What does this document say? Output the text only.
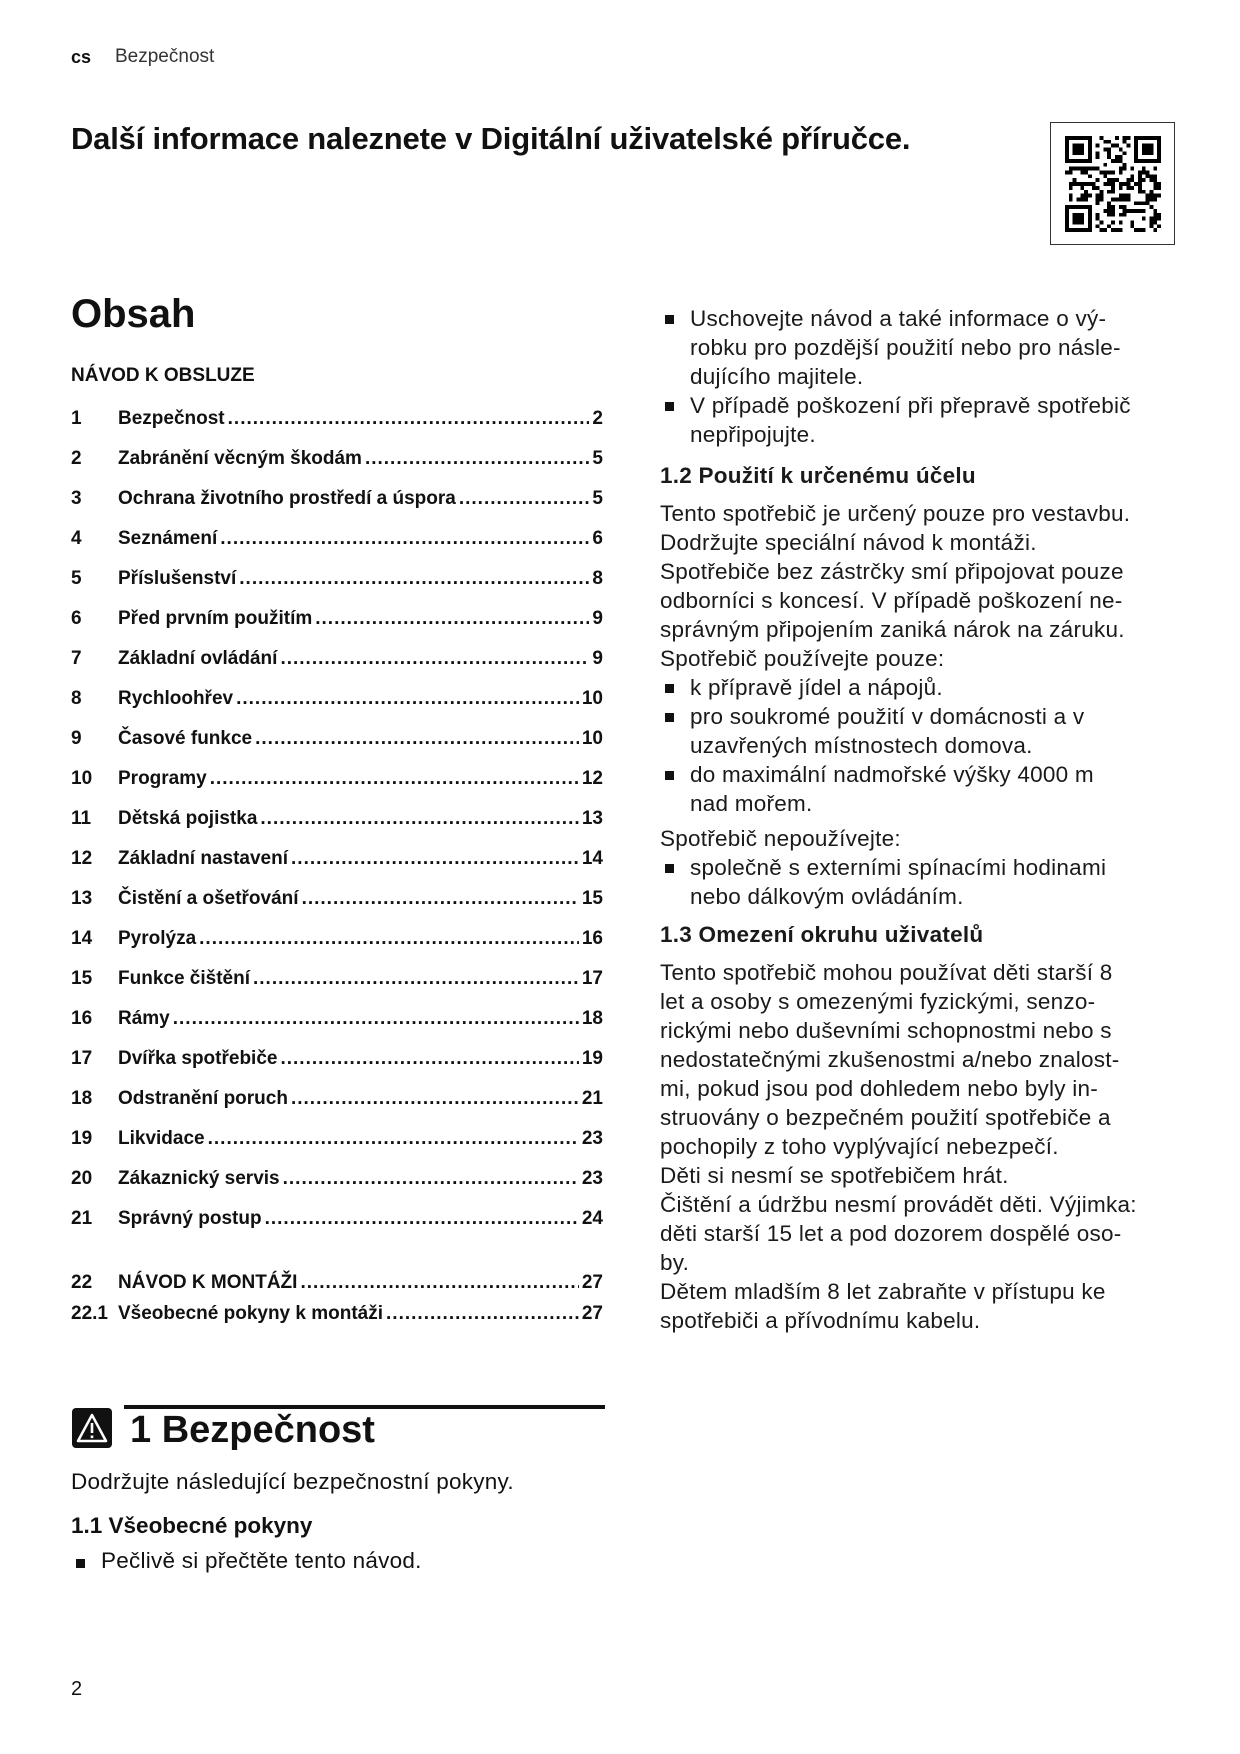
cs Bezpečnost
Další informace naleznete v Digitální uživatelské příručce.
Obsah
NÁVOD K OBSLUZE
1	Bezpečnost .....	2
2	Zabránění věcným škodám .....	5
3	Ochrana životního prostředí a úspora .....	5
4	Seznámení .....	6
5	Příslušenství .....	8
6	Před prvním použitím .....	9
7	Základní ovládání .....	9
8	Rychloohřev .....	10
9	Časové funkce .....	10
10	Programy .....	12
11	Dětská pojistka .....	13
12	Základní nastavení .....	14
13	Čistění a ošetřování .....	15
14	Pyrolýza .....	16
15	Funkce čištění .....	17
16	Rámy .....	18
17	Dvířka spotřebiče .....	19
18	Odstranění poruch .....	21
19	Likvidace .....	23
20	Zákaznický servis .....	23
21	Správný postup .....	24
22	NÁVOD K MONTÁŽI .....	27
22.1 Všeobecné pokyny k montáži .....	27
Uschovejte návod a také informace o vý-
robku pro pozdější použití nebo pro násle-
dujícího majitele.
V případě poškození při přepravě spotřebič
nepřipojujte.
1.2 Použití k určenému účelu
Tento spotřebič je určený pouze pro vestavbu.
Dodržujte speciální návod k montáži.
Spotřebiče bez zástrčky smí připojovat pouze
odborníci s koncesí. V případě poškození ne-
správným připojením zaniká nárok na záruku.
Spotřebič používejte pouze:
k přípravě jídel a nápojů.
pro soukromé použití v domácnosti a v
uzavřených místnostech domova.
do maximální nadmořské výšky 4000 m
nad mořem.
Spotřebič nepoužívejte:
společně s externími spínacími hodinami
nebo dálkovým ovládáním.
1.3 Omezení okruhu uživatelů
Tento spotřebič mohou používat děti starší 8
let a osoby s omezenými fyzickými, senzo-
rickými nebo duševními schopnostmi nebo s
nedostatečnými zkušenostmi a/nebo znalost-
mi, pokud jsou pod dohledem nebo byly in-
struovány o bezpečném použití spotřebiče a
pochopily z toho vyplývající nebezpečí.
Děti si nesmí se spotřebičem hrát.
Čištění a údržbu nesmí provádět děti. Výjimka:
děti starší 15 let a pod dozorem dospělé oso-
by.
Dětem mladším 8 let zabraňte v přístupu ke
spotřebiči a přívodnímu kabelu.
1 Bezpečnost
Dodržujte následující bezpečnostní pokyny.
1.1 Všeobecné pokyny
Pečlivě si přečtěte tento návod.
2
